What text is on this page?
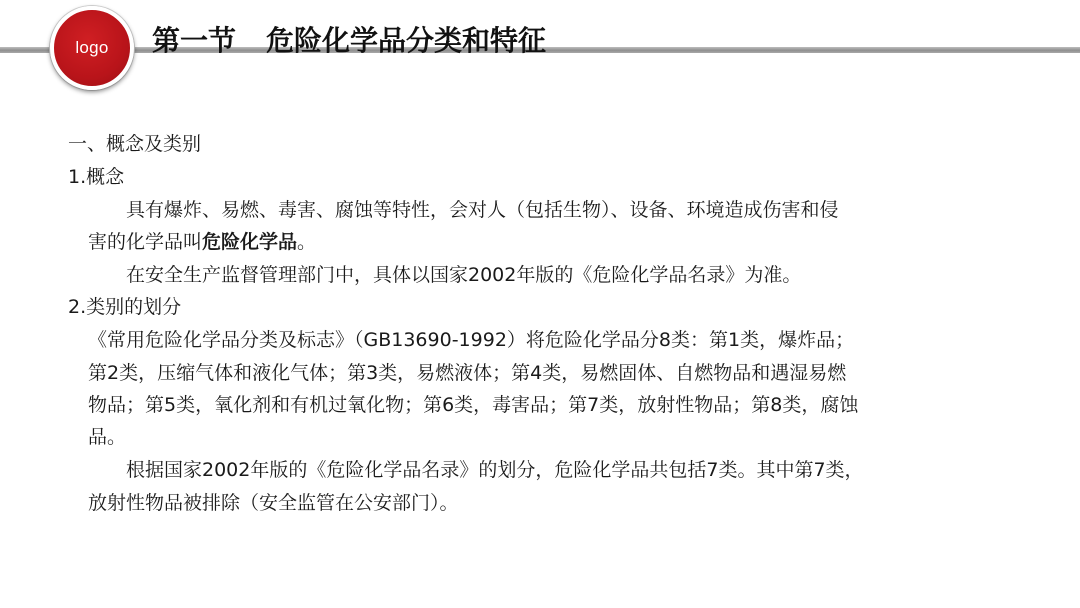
logo 第一节 危险化学品分类和特征
一、概念及类别
1.概念
具有爆炸、易燃、毒害、腐蚀等特性，会对人（包括生物）、设备、环境造成伤害和侵
害的化学品叫危险化学品。
在安全生产监督管理部门中，具体以国家2002年版的《危险化学品名录》为准。
2.类别的划分
《常用危险化学品分类及标志》（GB13690-1992）将危险化学品分8类：第1类，爆炸品；
第2类，压缩气体和液化气体；第3类，易燃液体；第4类，易燃固体、自燃物品和遇湿易燃
物品；第5类，氧化剂和有机过氧化物；第6类，毒害品；第7类，放射性物品；第8类，腐蚀
品。
根据国家2002年版的《危险化学品名录》的划分，危险化学品共包括7类。其中第7类，
放射性物品被排除（安全监管在公安部门）。
